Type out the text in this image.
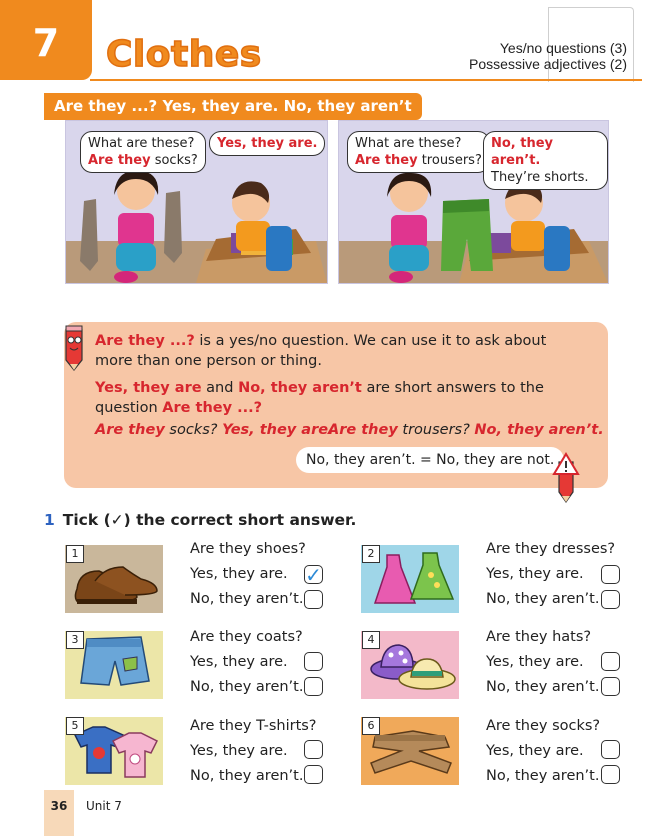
7	Clothes	Yes/no questions (3)
Possessive adjectives (2)
Are they ...? Yes, they are. No, they aren’t
What are these?
Are they socks?
Yes, they are.	What are these?
Are they trousers?
No, they aren’t.
They’re shorts.
Are they ...? is a yes/no question. We can use it to ask about
more than one person or thing.
Yes, they are and No, they aren’t are short answers to the
question Are they ...?
Are they socks? Yes, they are.
Are they trousers? No, they aren’t.
No, they aren’t. = No, they are not.
1 Tick (✓) the correct short answer.
1	Are they shoes?
Yes, they are.
No, they aren’t.
✓
2	Are they dresses?
Yes, they are.
No, they aren’t.
3	Are they coats?
Yes, they are.
No, they aren’t.
4	Are they hats?
Yes, they are.
No, they aren’t.
5	Are they T-shirts?
Yes, they are.
No, they aren’t.
6	Are they socks?
Yes, they are.
No, they aren’t.
36	Unit 7
